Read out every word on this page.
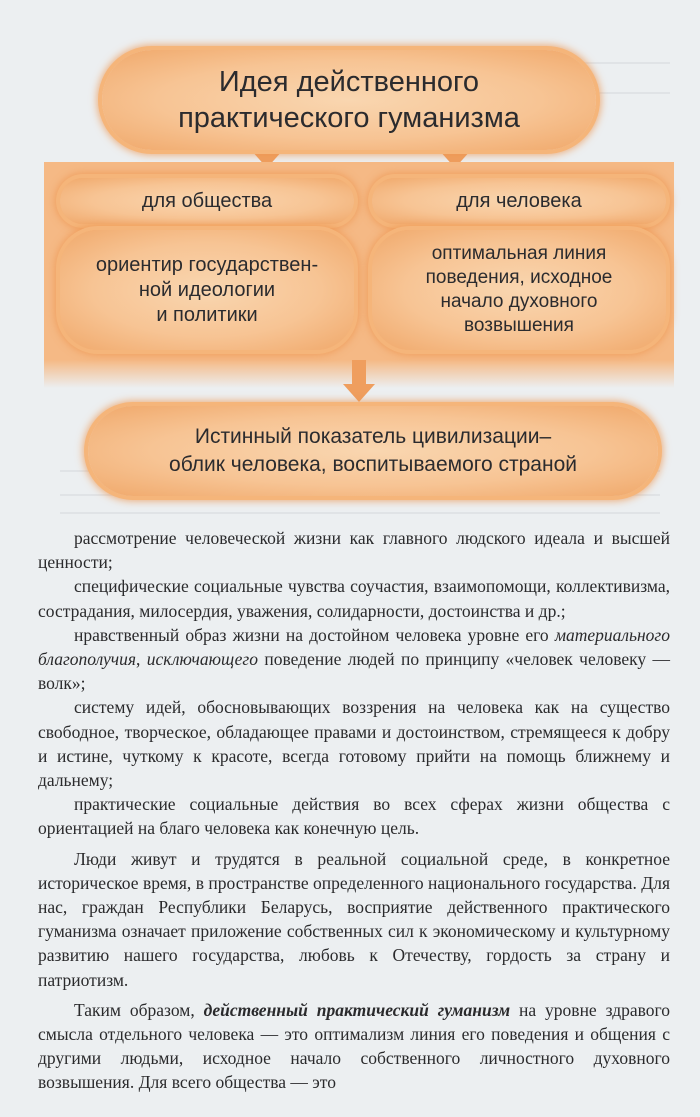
Идея действенного
практического гуманизма
для общества	для человека
ориентир государствен-
ной идеологии
и политики
оптимальная линия
поведения, исходное
начало духовного
возвышения
Истинный показатель цивилизации–
облик человека, воспитываемого страной

рассмотрение человеческой жизни как главного людского идеала и высшей ценности;

специфические социальные чувства соучастия, взаимопомощи, коллективизма, сострадания, милосердия, уважения, солидарности, достоинства и др.;

нравственный образ жизни на достойном человека уровне его материального благополучия, исключающего поведение людей по принципу «человек человеку — волк»;

систему идей, обосновывающих воззрения на человека как на существо свободное, творческое, обладающее правами и достоинством, стремящееся к добру и истине, чуткому к красоте, всегда готовому прийти на помощь ближнему и дальнему;

практические социальные действия во всех сферах жизни общества с ориентацией на благо человека как конечную цель.

Люди живут и трудятся в реальной социальной среде, в конкретное историческое время, в пространстве определенного национального государства. Для нас, граждан Республики Беларусь, восприятие действенного практического гуманизма означает приложение собственных сил к экономическому и культурному развитию нашего государства, любовь к Отечеству, гордость за страну и патриотизм.

Таким образом, действенный практический гуманизм на уровне здравого смысла отдельного человека — это оптимализм линия его поведения и общения с другими людьми, исходное начало собственного личностного духовного возвышения. Для всего общества — это
